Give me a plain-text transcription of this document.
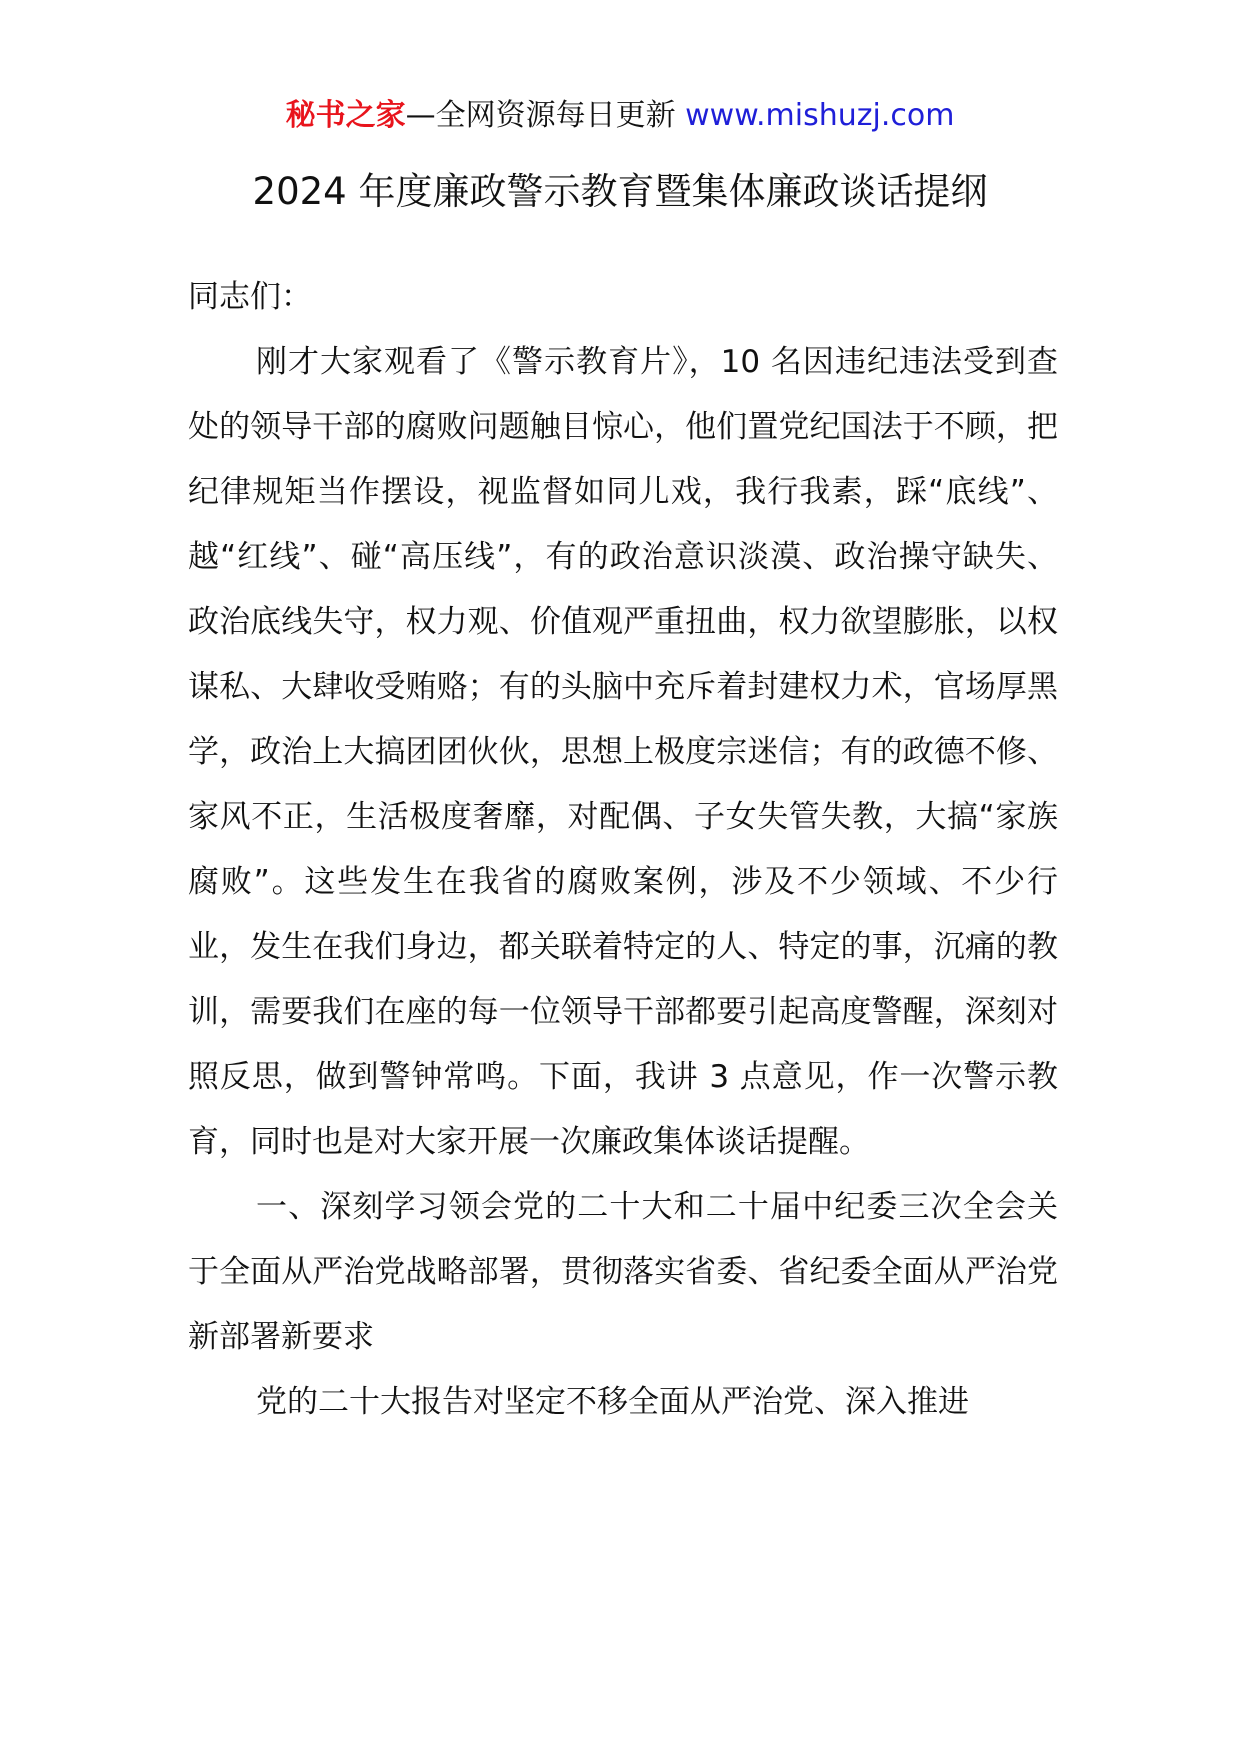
秘书之家—全网资源每日更新 www.mishuzj.com
2024 年度廉政警示教育暨集体廉政谈话提纲

同志们：

刚才大家观看了《警示教育片》，10 名因违纪违法受到查处的领导干部的腐败问题触目惊心，他们置党纪国法于不顾，把纪律规矩当作摆设，视监督如同儿戏，我行我素，踩“底线”、越“红线”、碰“高压线”，有的政治意识淡漠、政治操守缺失、政治底线失守，权力观、价值观严重扭曲，权力欲望膨胀，以权谋私、大肆收受贿赂；有的头脑中充斥着封建权力术，官场厚黑学，政治上大搞团团伙伙，思想上极度宗迷信；有的政德不修、家风不正，生活极度奢靡，对配偶、子女失管失教，大搞“家族腐败”。这些发生在我省的腐败案例，涉及不少领域、不少行业，发生在我们身边，都关联着特定的人、特定的事，沉痛的教训，需要我们在座的每一位领导干部都要引起高度警醒，深刻对照反思，做到警钟常鸣。下面，我讲 3 点意见，作一次警示教育，同时也是对大家开展一次廉政集体谈话提醒。

一、深刻学习领会党的二十大和二十届中纪委三次全会关于全面从严治党战略部署，贯彻落实省委、省纪委全面从严治党新部署新要求

党的二十大报告对坚定不移全面从严治党、深入推进
